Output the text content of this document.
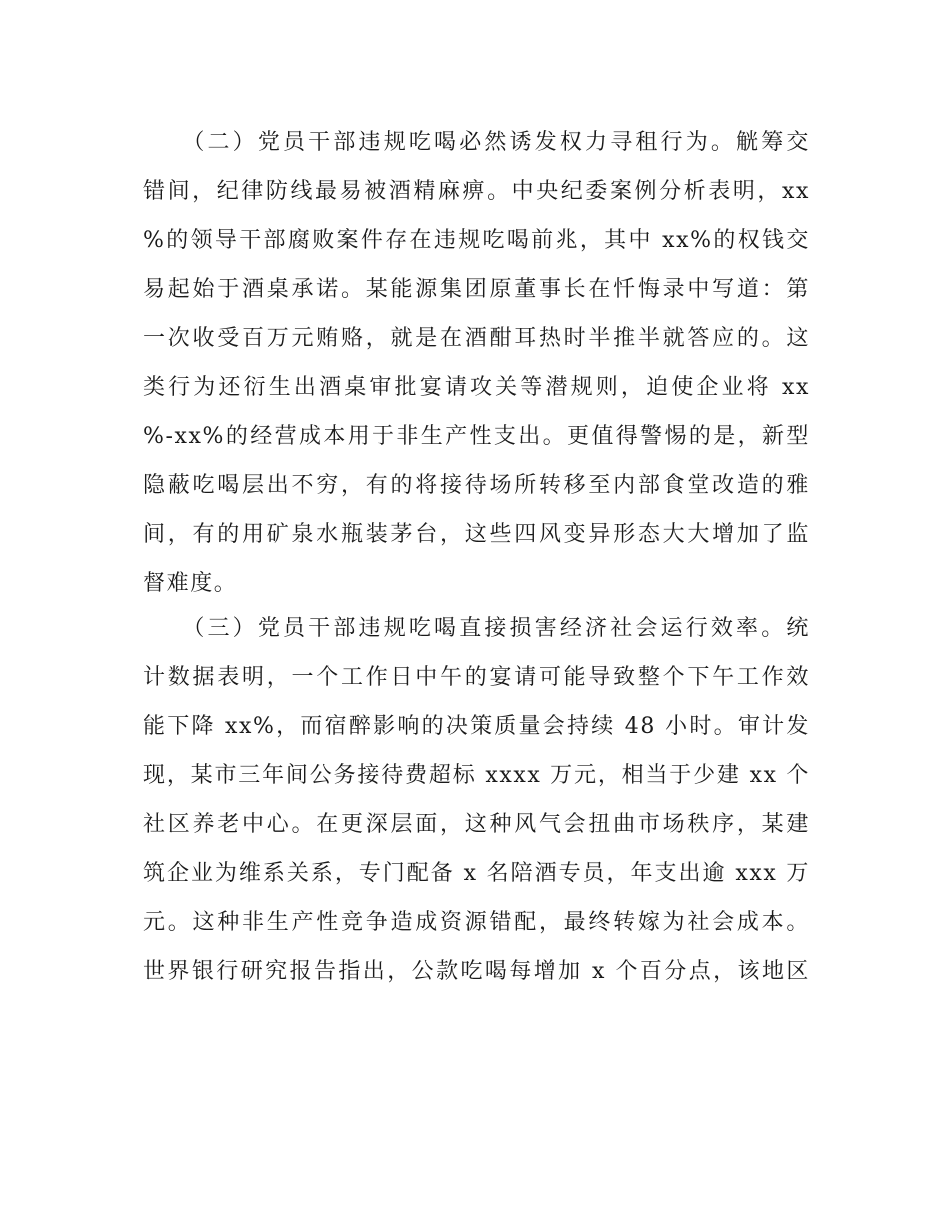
　　（二）党员干部违规吃喝必然诱发权力寻租行为。觥筹交
错间，纪律防线最易被酒精麻痹。中央纪委案例分析表明，xx
%的领导干部腐败案件存在违规吃喝前兆，其中 xx%的权钱交
易起始于酒桌承诺。某能源集团原董事长在忏悔录中写道：第
一次收受百万元贿赂，就是在酒酣耳热时半推半就答应的。这
类行为还衍生出酒桌审批宴请攻关等潜规则，迫使企业将 xx
%-xx%的经营成本用于非生产性支出。更值得警惕的是，新型
隐蔽吃喝层出不穷，有的将接待场所转移至内部食堂改造的雅
间，有的用矿泉水瓶装茅台，这些四风变异形态大大增加了监
督难度。
　　（三）党员干部违规吃喝直接损害经济社会运行效率。统
计数据表明，一个工作日中午的宴请可能导致整个下午工作效
能下降 xx%，而宿醉影响的决策质量会持续 48 小时。审计发
现，某市三年间公务接待费超标 xxxx 万元，相当于少建 xx 个
社区养老中心。在更深层面，这种风气会扭曲市场秩序，某建
筑企业为维系关系，专门配备 x 名陪酒专员，年支出逾 xxx 万
元。这种非生产性竞争造成资源错配，最终转嫁为社会成本。
世界银行研究报告指出，公款吃喝每增加 x 个百分点，该地区
